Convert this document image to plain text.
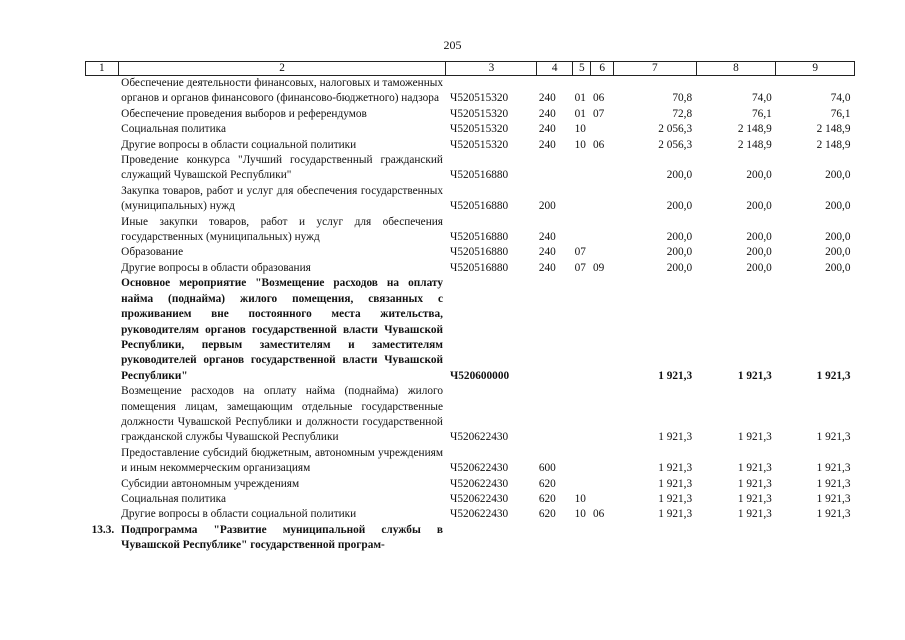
205
1	2	3	4	5	6	7	8	9
	Обеспечение деятельности финансовых, налоговых и таможенных органов и органов финансового (финансово-бюджетного) надзора	Ч520515320	240	01	06	70,8	74,0	74,0
	Обеспечение проведения выборов и референдумов	Ч520515320	240	01	07	72,8	76,1	76,1
	Социальная политика	Ч520515320	240	10		2 056,3	2 148,9	2 148,9
	Другие вопросы в области социальной политики	Ч520515320	240	10	06	2 056,3	2 148,9	2 148,9
	Проведение конкурса "Лучший государственный гражданский служащий Чувашской Республики"	Ч520516880				200,0	200,0	200,0
	Закупка товаров, работ и услуг для обеспечения государственных (муниципальных) нужд	Ч520516880	200			200,0	200,0	200,0
	Иные закупки товаров, работ и услуг для обеспечения государственных (муниципальных) нужд	Ч520516880	240			200,0	200,0	200,0
	Образование	Ч520516880	240	07		200,0	200,0	200,0
	Другие вопросы в области образования	Ч520516880	240	07	09	200,0	200,0	200,0
	Основное мероприятие "Возмещение расходов на оплату найма (поднайма) жилого помещения, связанных с проживанием вне постоянного места жительства, руководителям органов государственной власти Чувашской Республики, первым заместителям и заместителям руководителей органов государственной власти Чувашской Республики"	Ч520600000				1 921,3	1 921,3	1 921,3
	Возмещение расходов на оплату найма (поднайма) жилого помещения лицам, замещающим отдельные государственные должности Чувашской Республики и должности государственной гражданской службы Чувашской Республики	Ч520622430				1 921,3	1 921,3	1 921,3
	Предоставление субсидий бюджетным, автономным учреждениям и иным некоммерческим организациям	Ч520622430	600			1 921,3	1 921,3	1 921,3
	Субсидии автономным учреждениям	Ч520622430	620			1 921,3	1 921,3	1 921,3
	Социальная политика	Ч520622430	620	10		1 921,3	1 921,3	1 921,3
	Другие вопросы в области социальной политики	Ч520622430	620	10	06	1 921,3	1 921,3	1 921,3
13.3.	Подпрограмма "Развитие муниципальной службы в Чувашской Республике" государственной програм-							
